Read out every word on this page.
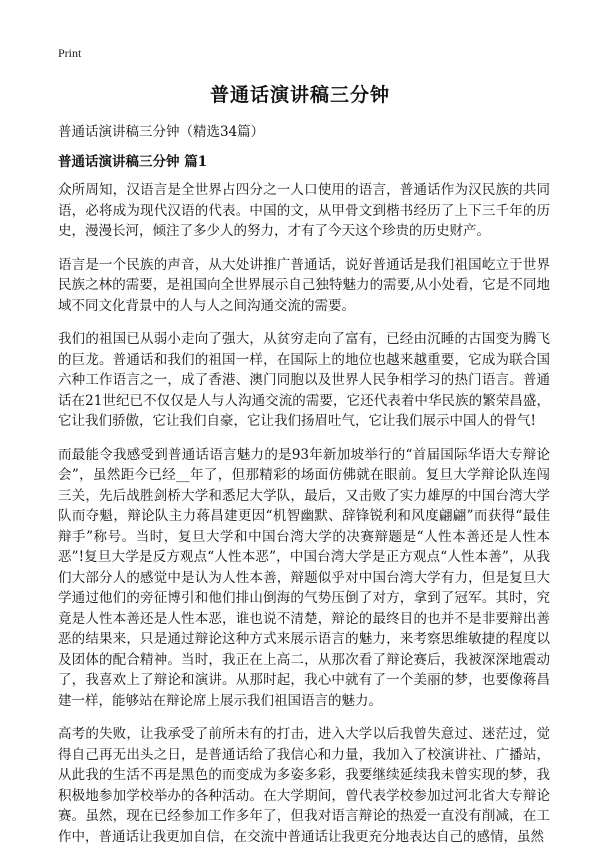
Print
普通话演讲稿三分钟

普通话演讲稿三分钟（精选34篇）

普通话演讲稿三分钟 篇1

众所周知，汉语言是全世界占四分之一人口使用的语言，普通话作为汉民族的共同语，必将成为现代汉语的代表。中国的文，从甲骨文到楷书经历了上下三千年的历史，漫漫长河，倾注了多少人的努力，才有了今天这个珍贵的历史财产。

语言是一个民族的声音，从大处讲推广普通话，说好普通话是我们祖国屹立于世界民族之林的需要，是祖国向全世界展示自己独特魅力的需要,从小处看，它是不同地域不同文化背景中的人与人之间沟通交流的需要。

我们的祖国已从弱小走向了强大，从贫穷走向了富有，已经由沉睡的古国变为腾飞的巨龙。普通话和我们的祖国一样，在国际上的地位也越来越重要，它成为联合国六种工作语言之一，成了香港、澳门同胞以及世界人民争相学习的热门语言。普通话在21世纪已不仅仅是人与人沟通交流的需要，它还代表着中华民族的繁荣昌盛，它让我们骄傲，它让我们自豪，它让我们扬眉吐气，它让我们展示中国人的骨气!

而最能令我感受到普通话语言魅力的是93年新加坡举行的“首届国际华语大专辩论会”，虽然距今已经__年了，但那精彩的场面仿佛就在眼前。复旦大学辩论队连闯三关，先后战胜剑桥大学和悉尼大学队，最后，又击败了实力雄厚的中国台湾大学队而夺魁，辩论队主力蒋昌建更因“机智幽默、辞锋锐利和风度翩翩”而获得“最佳辩手”称号。当时，复旦大学和中国台湾大学的决赛辩题是“人性本善还是人性本恶”!复旦大学是反方观点“人性本恶”，中国台湾大学是正方观点“人性本善”，从我们大部分人的感觉中是认为人性本善，辩题似乎对中国台湾大学有力，但是复旦大学通过他们的旁征博引和他们排山倒海的气势压倒了对方，拿到了冠军。其时，究竟是人性本善还是人性本恶，谁也说不清楚，辩论的最终目的也并不是非要辩出善恶的结果来，只是通过辩论这种方式来展示语言的魅力，来考察思维敏捷的程度以及团体的配合精神。当时，我正在上高二，从那次看了辩论赛后，我被深深地震动了，我喜欢上了辩论和演讲。从那时起，我心中就有了一个美丽的梦，也要像蒋昌建一样，能够站在辩论席上展示我们祖国语言的魅力。

高考的失败，让我承受了前所未有的打击，进入大学以后我曾失意过、迷茫过，觉得自己再无出头之日，是普通话给了我信心和力量，我加入了校演讲社、广播站，从此我的生活不再是黑色的而变成为多姿多彩，我要继续延续我未曾实现的梦，我积极地参加学校举办的各种活动。在大学期间，曾代表学校参加过河北省大专辩论赛。虽然，现在已经参加工作多年了，但我对语言辩论的热爱一直没有削减，在工作中，普通话让我更加自信，在交流中普通话让我更充分地表达自己的感情，虽然
